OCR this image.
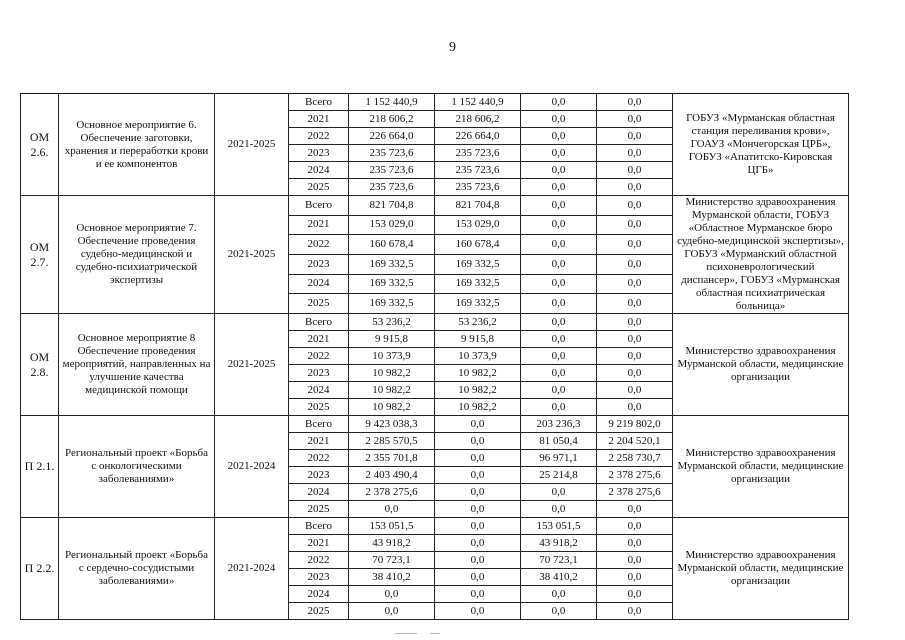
9
ОМ 2.6.	Основное мероприятие 6. Обеспечение заготовки, хранения и переработки крови и ее компонентов	2021-2025	Всего	1 152 440,9	1 152 440,9	0,0	0,0	ГОБУЗ «Мурманская областная станция переливания крови», ГОАУЗ «Мончегорская ЦРБ», ГОБУЗ «Апатитско-Кировская ЦГБ»
			2021	218 606,2	218 606,2	0,0	0,0	
			2022	226 664,0	226 664,0	0,0	0,0	
			2023	235 723,6	235 723,6	0,0	0,0	
			2024	235 723,6	235 723,6	0,0	0,0	
			2025	235 723,6	235 723,6	0,0	0,0	
ОМ 2.7.	Основное мероприятие 7. Обеспечение проведения судебно-медицинской и судебно-психиатрической экспертизы	2021-2025	Всего	821 704,8	821 704,8	0,0	0,0	Министерство здравоохранения Мурманской области, ГОБУЗ «Областное Мурманское бюро судебно-медицинской экспертизы», ГОБУЗ «Мурманский областной психоневрологический диспансер», ГОБУЗ «Мурманская областная психиатрическая больница»
			2021	153 029,0	153 029,0	0,0	0,0	
			2022	160 678,4	160 678,4	0,0	0,0	
			2023	169 332,5	169 332,5	0,0	0,0	
			2024	169 332,5	169 332,5	0,0	0,0	
			2025	169 332,5	169 332,5	0,0	0,0	
ОМ 2.8.	Основное мероприятие 8 Обеспечение проведения мероприятий, направленных на улучшение качества медицинской помощи	2021-2025	Всего	53 236,2	53 236,2	0,0	0,0	Министерство здравоохранения Мурманской области, медицинские организации
			2021	9 915,8	9 915,8	0,0	0,0	
			2022	10 373,9	10 373,9	0,0	0,0	
			2023	10 982,2	10 982,2	0,0	0,0	
			2024	10 982,2	10 982,2	0,0	0,0	
			2025	10 982,2	10 982,2	0,0	0,0	
П 2.1.	Региональный проект «Борьба с онкологическими заболеваниями»	2021-2024	Всего	9 423 038,3	0,0	203 236,3	9 219 802,0	Министерство здравоохранения Мурманской области, медицинские организации
			2021	2 285 570,5	0,0	81 050,4	2 204 520,1	
			2022	2 355 701,8	0,0	96 971,1	2 258 730,7	
			2023	2 403 490,4	0,0	25 214,8	2 378 275,6	
			2024	2 378 275,6	0,0	0,0	2 378 275,6	
			2025	0,0	0,0	0,0	0,0	
П 2.2.	Региональный проект «Борьба с сердечно-сосудистыми заболеваниями»	2021-2024	Всего	153 051,5	0,0	153 051,5	0,0	Министерство здравоохранения Мурманской области, медицинские организации
			2021	43 918,2	0,0	43 918,2	0,0	
			2022	70 723,1	0,0	70 723,1	0,0	
			2023	38 410,2	0,0	38 410,2	0,0	
			2024	0,0	0,0	0,0	0,0	
			2025	0,0	0,0	0,0	0,0	
